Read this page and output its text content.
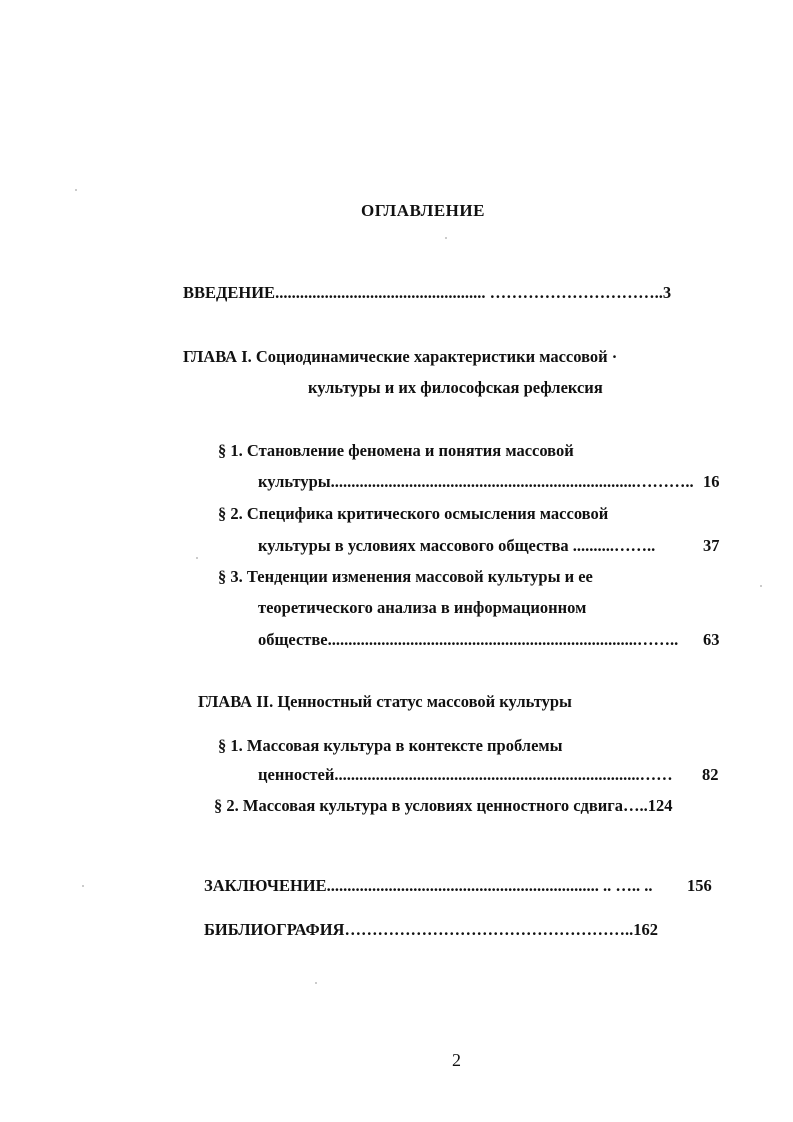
ОГЛАВЛЕНИЕ
ВВЕДЕНИЕ................................................... …………………………..3
ГЛАВА I. Социодинамические характеристики массовой ·
культуры и их философская рефлексия
§ 1. Становление феномена и понятия массовой
культуры..........................................................................……….. 16
§ 2. Специфика критического осмысления массовой
культуры в условиях массового общества ..........……..	37
§ 3. Тенденции изменения массовой культуры и ее
теоретического анализа в информационном
обществе...........................................................................…….. 63
ГЛАВА II. Ценностный статус массовой культуры
§ 1. Массовая культура в контексте проблемы
ценностей..........................................................................…… 82
§ 2. Массовая культура в условиях ценностного сдвига…..124
ЗАКЛЮЧЕНИЕ.................................................................. .. ….. .. 156
БИБЛИОГРАФИЯ……………………………………………..162
2
